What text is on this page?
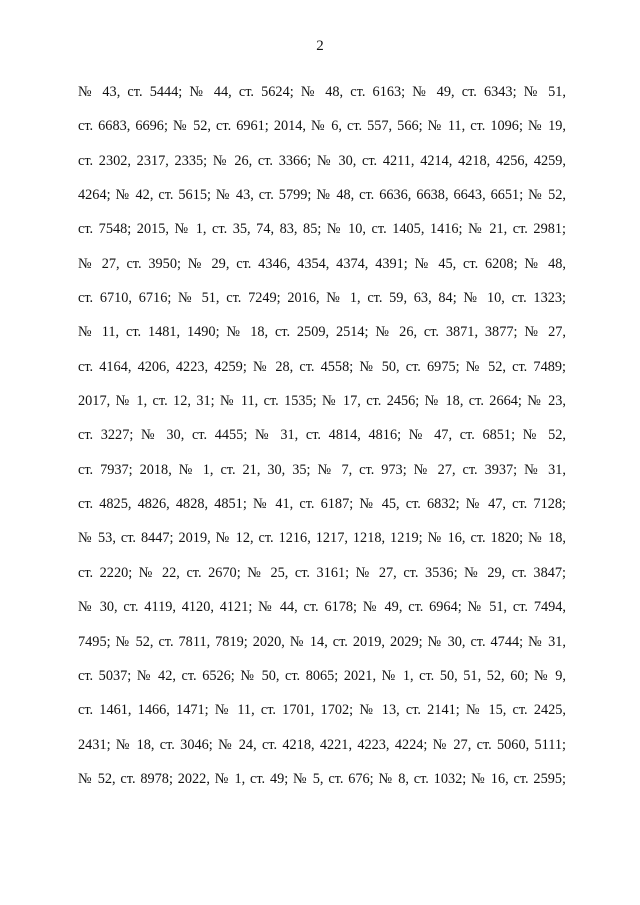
2
№ 43, ст. 5444; № 44, ст. 5624; № 48, ст. 6163; № 49, ст. 6343; № 51,
ст. 6683, 6696; № 52, ст. 6961; 2014, № 6, ст. 557, 566; № 11, ст. 1096; № 19,
ст. 2302, 2317, 2335; № 26, ст. 3366; № 30, ст. 4211, 4214, 4218, 4256, 4259,
4264; № 42, ст. 5615; № 43, ст. 5799; № 48, ст. 6636, 6638, 6643, 6651; № 52,
ст. 7548; 2015, № 1, ст. 35, 74, 83, 85; № 10, ст. 1405, 1416; № 21, ст. 2981;
№ 27, ст. 3950; № 29, ст. 4346, 4354, 4374, 4391; № 45, ст. 6208; № 48,
ст. 6710, 6716; № 51, ст. 7249; 2016, № 1, ст. 59, 63, 84; № 10, ст. 1323;
№ 11, ст. 1481, 1490; № 18, ст. 2509, 2514; № 26, ст. 3871, 3877; № 27,
ст. 4164, 4206, 4223, 4259; № 28, ст. 4558; № 50, ст. 6975; № 52, ст. 7489;
2017, № 1, ст. 12, 31; № 11, ст. 1535; № 17, ст. 2456; № 18, ст. 2664; № 23,
ст. 3227; № 30, ст. 4455; № 31, ст. 4814, 4816; № 47, ст. 6851; № 52,
ст. 7937; 2018, № 1, ст. 21, 30, 35; № 7, ст. 973; № 27, ст. 3937; № 31,
ст. 4825, 4826, 4828, 4851; № 41, ст. 6187; № 45, ст. 6832; № 47, ст. 7128;
№ 53, ст. 8447; 2019, № 12, ст. 1216, 1217, 1218, 1219; № 16, ст. 1820; № 18,
ст. 2220; № 22, ст. 2670; № 25, ст. 3161; № 27, ст. 3536; № 29, ст. 3847;
№ 30, ст. 4119, 4120, 4121; № 44, ст. 6178; № 49, ст. 6964; № 51, ст. 7494,
7495; № 52, ст. 7811, 7819; 2020, № 14, ст. 2019, 2029; № 30, ст. 4744; № 31,
ст. 5037; № 42, ст. 6526; № 50, ст. 8065; 2021, № 1, ст. 50, 51, 52, 60; № 9,
ст. 1461, 1466, 1471; № 11, ст. 1701, 1702; № 13, ст. 2141; № 15, ст. 2425,
2431; № 18, ст. 3046; № 24, ст. 4218, 4221, 4223, 4224; № 27, ст. 5060, 5111;
№ 52, ст. 8978; 2022, № 1, ст. 49; № 5, ст. 676; № 8, ст. 1032; № 16, ст. 2595;
